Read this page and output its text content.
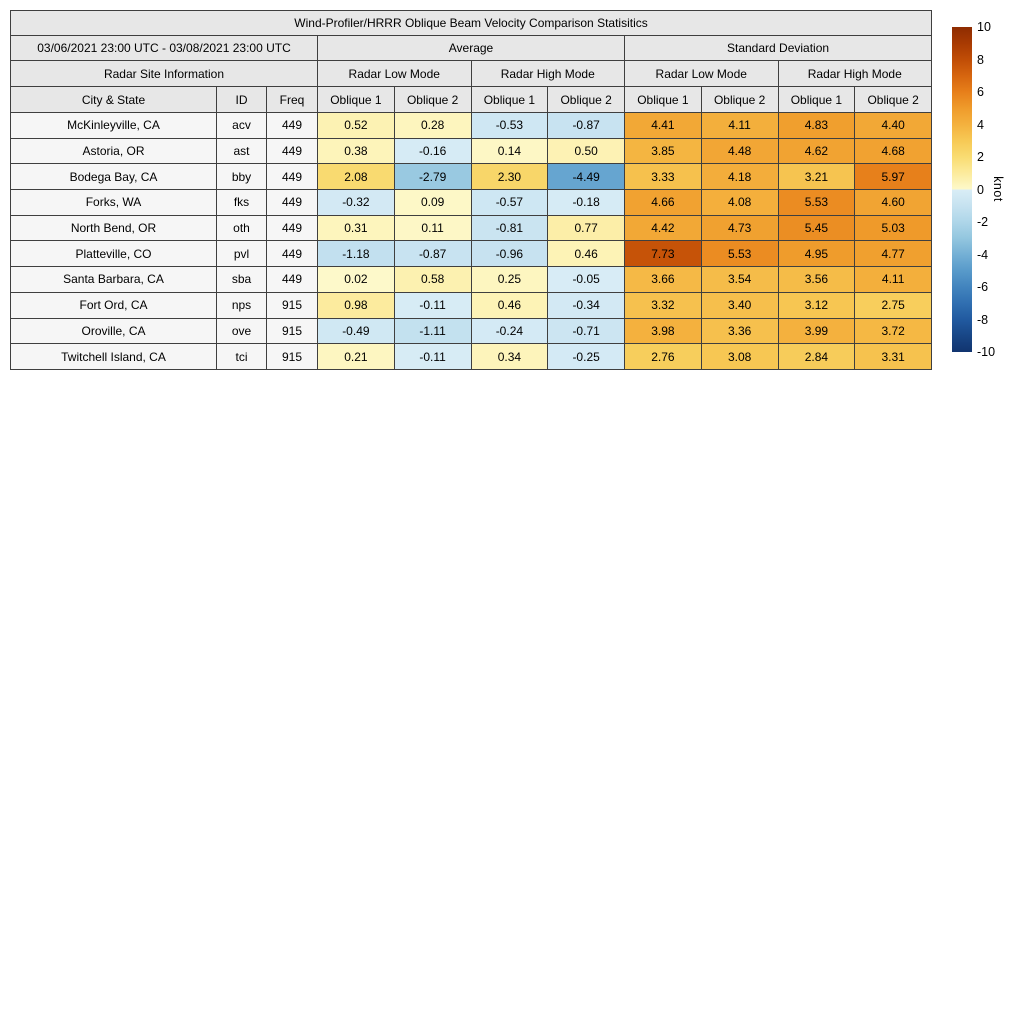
Wind-Profiler/HRRR Oblique Beam Velocity Comparison Statisitics										
03/06/2021 23:00 UTC - 03/08/2021 23:00 UTC			Average				Standard Deviation			
Radar Site Information			Radar Low Mode		Radar High Mode		Radar Low Mode		Radar High Mode	
City & State	ID	Freq	Oblique 1	Oblique 2	Oblique 1	Oblique 2	Oblique 1	Oblique 2	Oblique 1	Oblique 2
McKinleyville, CA	acv	449	0.52	0.28	-0.53	-0.87	4.41	4.11	4.83	4.40
Astoria, OR	ast	449	0.38	-0.16	0.14	0.50	3.85	4.48	4.62	4.68
Bodega Bay, CA	bby	449	2.08	-2.79	2.30	-4.49	3.33	4.18	3.21	5.97
Forks, WA	fks	449	-0.32	0.09	-0.57	-0.18	4.66	4.08	5.53	4.60
North Bend, OR	oth	449	0.31	0.11	-0.81	0.77	4.42	4.73	5.45	5.03
Platteville, CO	pvl	449	-1.18	-0.87	-0.96	0.46	7.73	5.53	4.95	4.77
Santa Barbara, CA	sba	449	0.02	0.58	0.25	-0.05	3.66	3.54	3.56	4.11
Fort Ord, CA	nps	915	0.98	-0.11	0.46	-0.34	3.32	3.40	3.12	2.75
Oroville, CA	ove	915	-0.49	-1.11	-0.24	-0.71	3.98	3.36	3.99	3.72
Twitchell Island, CA	tci	915	0.21	-0.11	0.34	-0.25	2.76	3.08	2.84	3.31
10
8
6
4
2
0
-2
-4
-6
-8
-10
knot
